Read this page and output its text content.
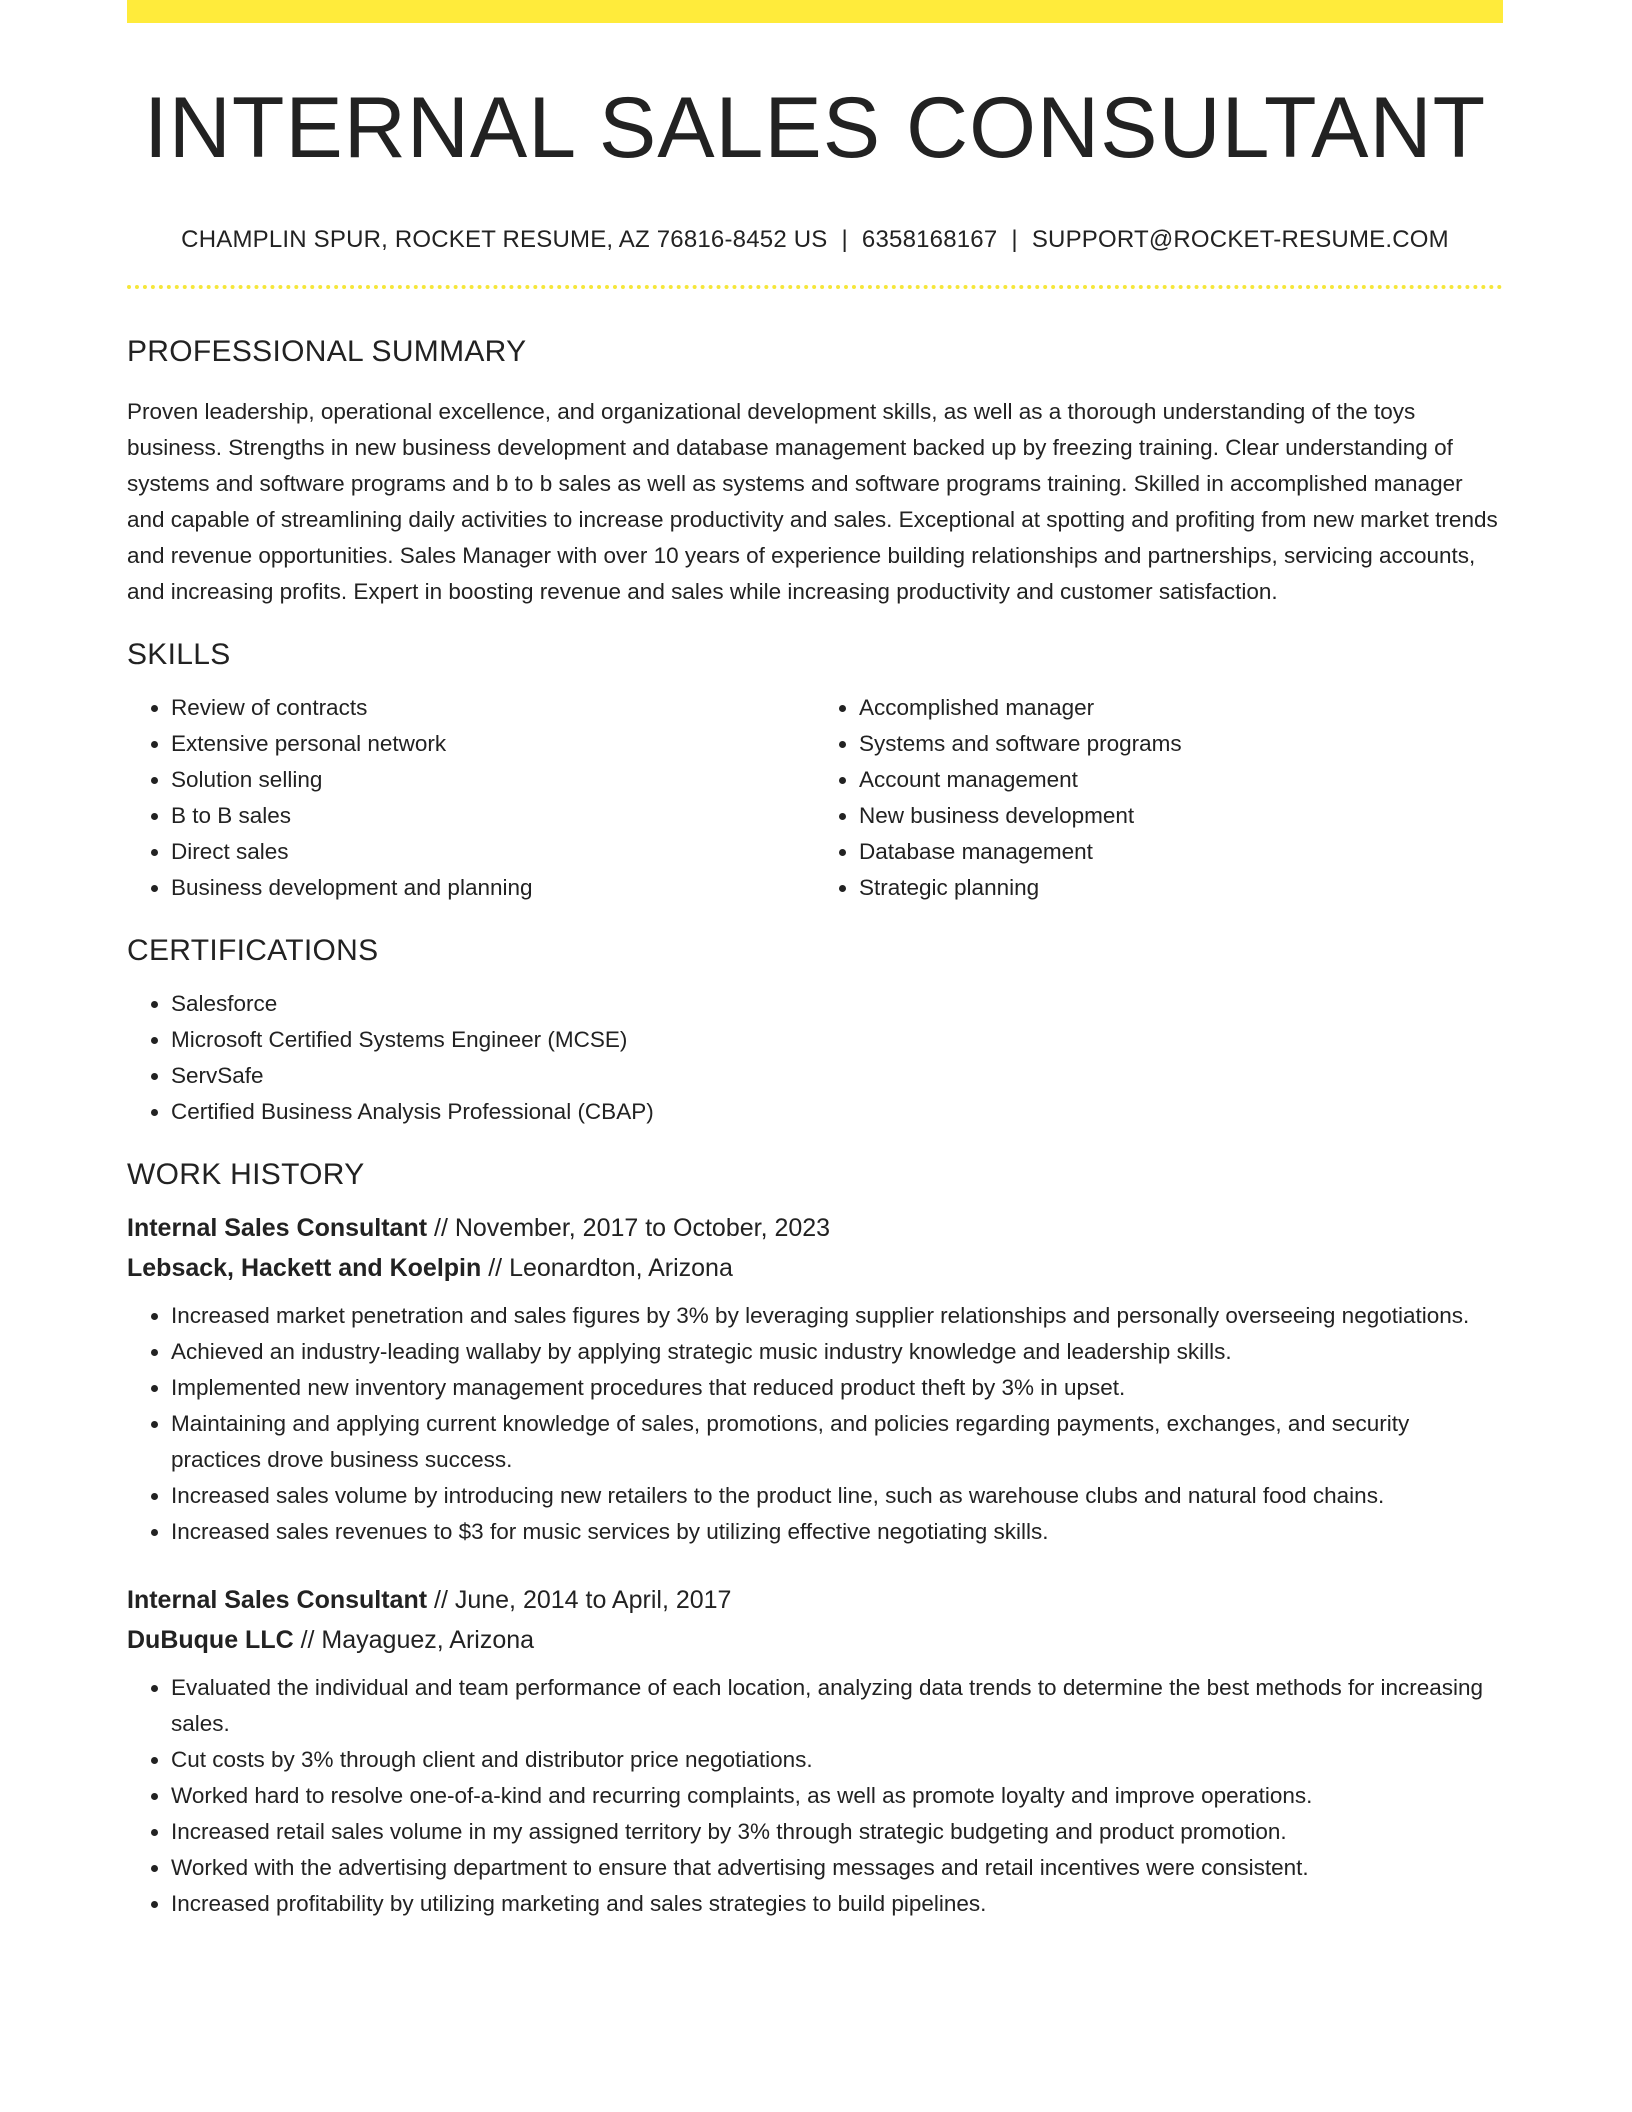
INTERNAL SALES CONSULTANT
CHAMPLIN SPUR, ROCKET RESUME, AZ 76816-8452 US | 6358168167 | SUPPORT@ROCKET-RESUME.COM
PROFESSIONAL SUMMARY

Proven leadership, operational excellence, and organizational development skills, as well as a thorough understanding of the toys business. Strengths in new business development and database management backed up by freezing training. Clear understanding of systems and software programs and b to b sales as well as systems and software programs training. Skilled in accomplished manager and capable of streamlining daily activities to increase productivity and sales. Exceptional at spotting and profiting from new market trends and revenue opportunities. Sales Manager with over 10 years of experience building relationships and partnerships, servicing accounts, and increasing profits. Expert in boosting revenue and sales while increasing productivity and customer satisfaction.

SKILLS
• Review of contracts
• Extensive personal network
• Solution selling
• B to B sales
• Direct sales
• Business development and planning
• Accomplished manager
• Systems and software programs
• Account management
• New business development
• Database management
• Strategic planning
CERTIFICATIONS
• Salesforce
• Microsoft Certified Systems Engineer (MCSE)
• ServSafe
• Certified Business Analysis Professional (CBAP)
WORK HISTORY
Internal Sales Consultant // November, 2017 to October, 2023
Lebsack, Hackett and Koelpin // Leonardton, Arizona
• Increased market penetration and sales figures by 3% by leveraging supplier relationships and personally overseeing negotiations.
• Achieved an industry-leading wallaby by applying strategic music industry knowledge and leadership skills.
• Implemented new inventory management procedures that reduced product theft by 3% in upset.
• Maintaining and applying current knowledge of sales, promotions, and policies regarding payments, exchanges, and security practices drove business success.
• Increased sales volume by introducing new retailers to the product line, such as warehouse clubs and natural food chains.
• Increased sales revenues to $3 for music services by utilizing effective negotiating skills.
Internal Sales Consultant // June, 2014 to April, 2017
DuBuque LLC // Mayaguez, Arizona
• Evaluated the individual and team performance of each location, analyzing data trends to determine the best methods for increasing sales.
• Cut costs by 3% through client and distributor price negotiations.
• Worked hard to resolve one-of-a-kind and recurring complaints, as well as promote loyalty and improve operations.
• Increased retail sales volume in my assigned territory by 3% through strategic budgeting and product promotion.
• Worked with the advertising department to ensure that advertising messages and retail incentives were consistent.
• Increased profitability by utilizing marketing and sales strategies to build pipelines.
